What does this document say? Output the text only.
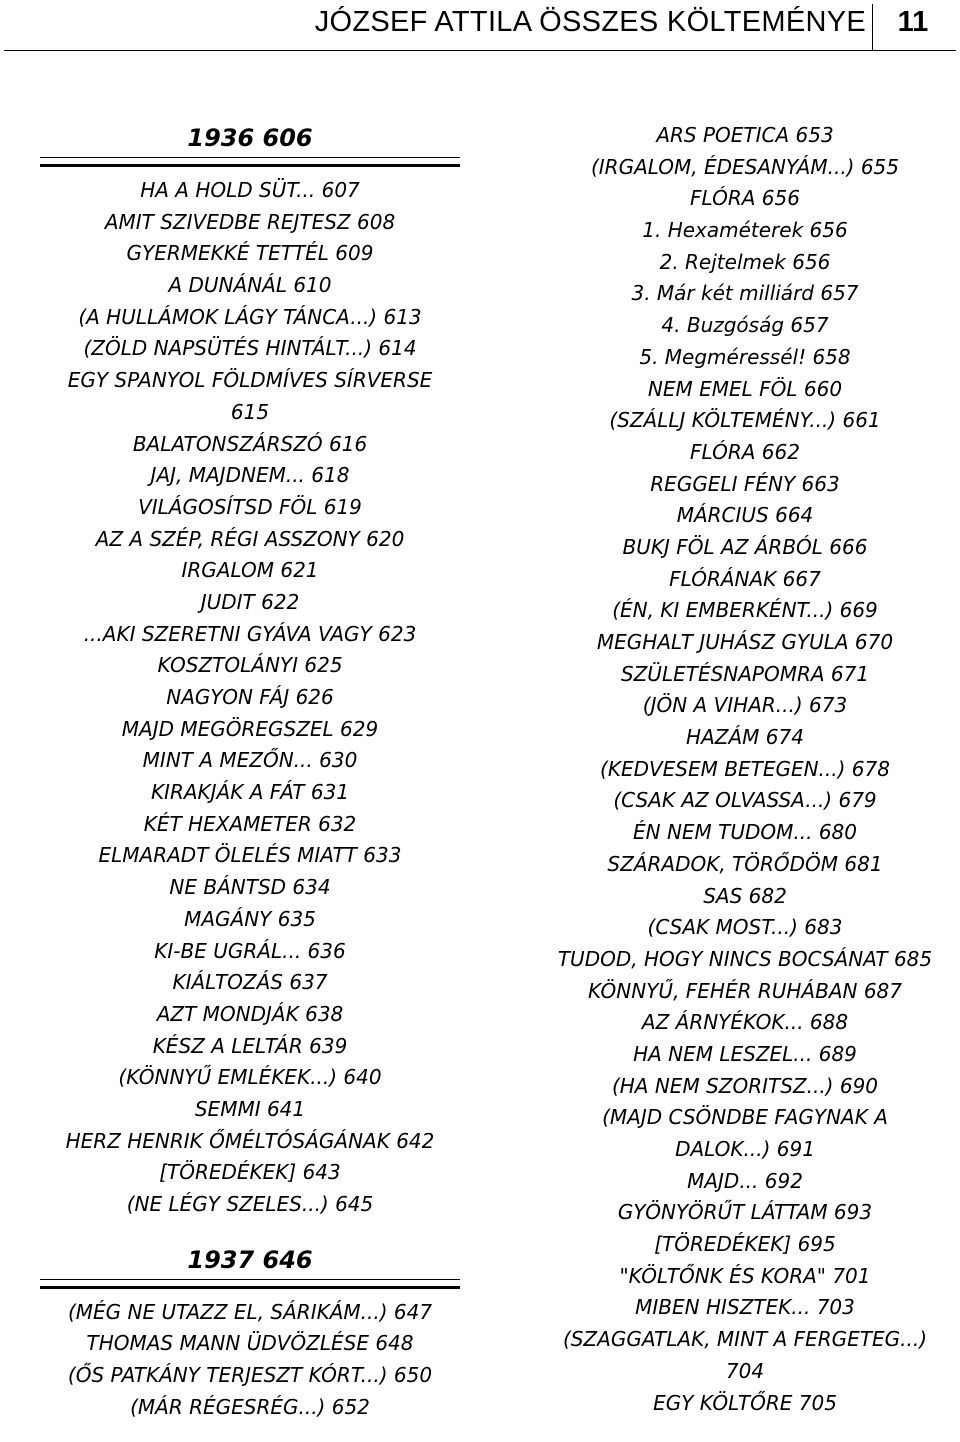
JÓZSEF ATTILA ÖSSZES KÖLTEMÉNYE	11
1936 606
HA A HOLD SÜT... 607
AMIT SZIVEDBE REJTESZ 608
GYERMEKKÉ TETTÉL 609
A DUNÁNÁL 610
(A HULLÁMOK LÁGY TÁNCA...) 613
(ZÖLD NAPSÜTÉS HINTÁLT...) 614
EGY SPANYOL FÖLDMÍVES SÍRVERSE
615
BALATONSZÁRSZÓ 616
JAJ, MAJDNEM... 618
VILÁGOSÍTSD FÖL 619
AZ A SZÉP, RÉGI ASSZONY 620
IRGALOM 621
JUDIT 622
...AKI SZERETNI GYÁVA VAGY 623
KOSZTOLÁNYI 625
NAGYON FÁJ 626
MAJD MEGÖREGSZEL 629
MINT A MEZŐN... 630
KIRAKJÁK A FÁT 631
KÉT HEXAMETER 632
ELMARADT ÖLELÉS MIATT 633
NE BÁNTSD 634
MAGÁNY 635
KI-BE UGRÁL... 636
KIÁLTOZÁS 637
AZT MONDJÁK 638
KÉSZ A LELTÁR 639
(KÖNNYŰ EMLÉKEK...) 640
SEMMI 641
HERZ HENRIK ŐMÉLTÓSÁGÁNAK 642
[TÖREDÉKEK] 643
(NE LÉGY SZELES...) 645
1937 646
(MÉG NE UTAZZ EL, SÁRIKÁM...) 647
THOMAS MANN ÜDVÖZLÉSE 648
(ŐS PATKÁNY TERJESZT KÓRT...) 650
(MÁR RÉGESRÉG...) 652
ARS POETICA 653
(IRGALOM, ÉDESANYÁM...) 655
FLÓRA 656
1. Hexaméterek 656
2. Rejtelmek 656
3. Már két milliárd 657
4. Buzgóság 657
5. Megméressél! 658
NEM EMEL FÖL 660
(SZÁLLJ KÖLTEMÉNY...) 661
FLÓRA 662
REGGELI FÉNY 663
MÁRCIUS 664
BUKJ FÖL AZ ÁRBÓL 666
FLÓRÁNAK 667
(ÉN, KI EMBERKÉNT...) 669
MEGHALT JUHÁSZ GYULA 670
SZÜLETÉSNAPOMRA 671
(JÖN A VIHAR...) 673
HAZÁM 674
(KEDVESEM BETEGEN...) 678
(CSAK AZ OLVASSA...) 679
ÉN NEM TUDOM... 680
SZÁRADOK, TÖRŐDÖM 681
SAS 682
(CSAK MOST...) 683
TUDOD, HOGY NINCS BOCSÁNAT 685
KÖNNYŰ, FEHÉR RUHÁBAN 687
AZ ÁRNYÉKOK... 688
HA NEM LESZEL... 689
(HA NEM SZORITSZ...) 690
(MAJD CSÖNDBE FAGYNAK A
DALOK...) 691
MAJD... 692
GYÖNYÖRŰT LÁTTAM 693
[TÖREDÉKEK] 695
"KÖLTŐNK ÉS KORA" 701
MIBEN HISZTEK... 703
(SZAGGATLAK, MINT A FERGETEG...)
704
EGY KÖLTŐRE 705
